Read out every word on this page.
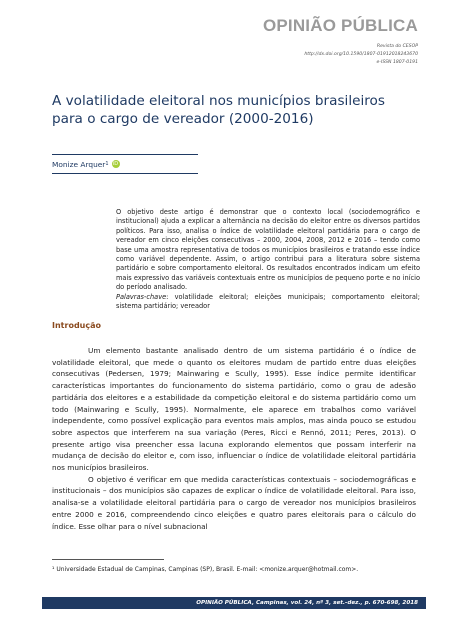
OPINIÃO PÚBLICA
Revista do CESOP
http://dx.doi.org/10.1590/1807-01912018243670
e-ISSN 1807-0191
A volatilidade eleitoral nos municípios brasileiros para o cargo de vereador (2000-2016)
Monize Arquer 1 iD

O objetivo deste artigo é demonstrar que o contexto local (sociodemográfico e institucional) ajuda a explicar a alternância na decisão do eleitor entre os diversos partidos políticos. Para isso, analisa o índice de volatilidade eleitoral partidária para o cargo de vereador em cinco eleições consecutivas – 2000, 2004, 2008, 2012 e 2016 – tendo como base uma amostra representativa de todos os municípios brasileiros e tratando esse índice como variável dependente. Assim, o artigo contribui para a literatura sobre sistema partidário e sobre comportamento eleitoral. Os resultados encontrados indicam um efeito mais expressivo das variáveis contextuais entre os municípios de pequeno porte e no início do período analisado.

Palavras-chave: volatilidade eleitoral; eleições municipais; comportamento eleitoral; sistema partidário; vereador

Introdução

Um elemento bastante analisado dentro de um sistema partidário é o índice de volatilidade eleitoral, que mede o quanto os eleitores mudam de partido entre duas eleições consecutivas (Pedersen, 1979; Mainwaring e Scully, 1995). Esse índice permite identificar características importantes do funcionamento do sistema partidário, como o grau de adesão partidária dos eleitores e a estabilidade da competição eleitoral e do sistema partidário como um todo (Mainwaring e Scully, 1995). Normalmente, ele aparece em trabalhos como variável independente, como possível explicação para eventos mais amplos, mas ainda pouco se estudou sobre aspectos que interferem na sua variação (Peres, Ricci e Rennó, 2011; Peres, 2013). O presente artigo visa preencher essa lacuna explorando elementos que possam interferir na mudança de decisão do eleitor e, com isso, influenciar o índice de volatilidade eleitoral partidária nos municípios brasileiros.

O objetivo é verificar em que medida características contextuais – sociodemográficas e institucionais – dos municípios são capazes de explicar o índice de volatilidade eleitoral. Para isso, analisa-se a volatilidade eleitoral partidária para o cargo de vereador nos municípios brasileiros entre 2000 e 2016, compreendendo cinco eleições e quatro pares eleitorais para o cálculo do índice. Esse olhar para o nível subnacional

¹ Universidade Estadual de Campinas, Campinas (SP), Brasil. E-mail: <monize.arquer@hotmail.com>.
OPINIÃO PÚBLICA, Campinas, vol. 24, nº 3, set.-dez., p. 670-698, 2018
